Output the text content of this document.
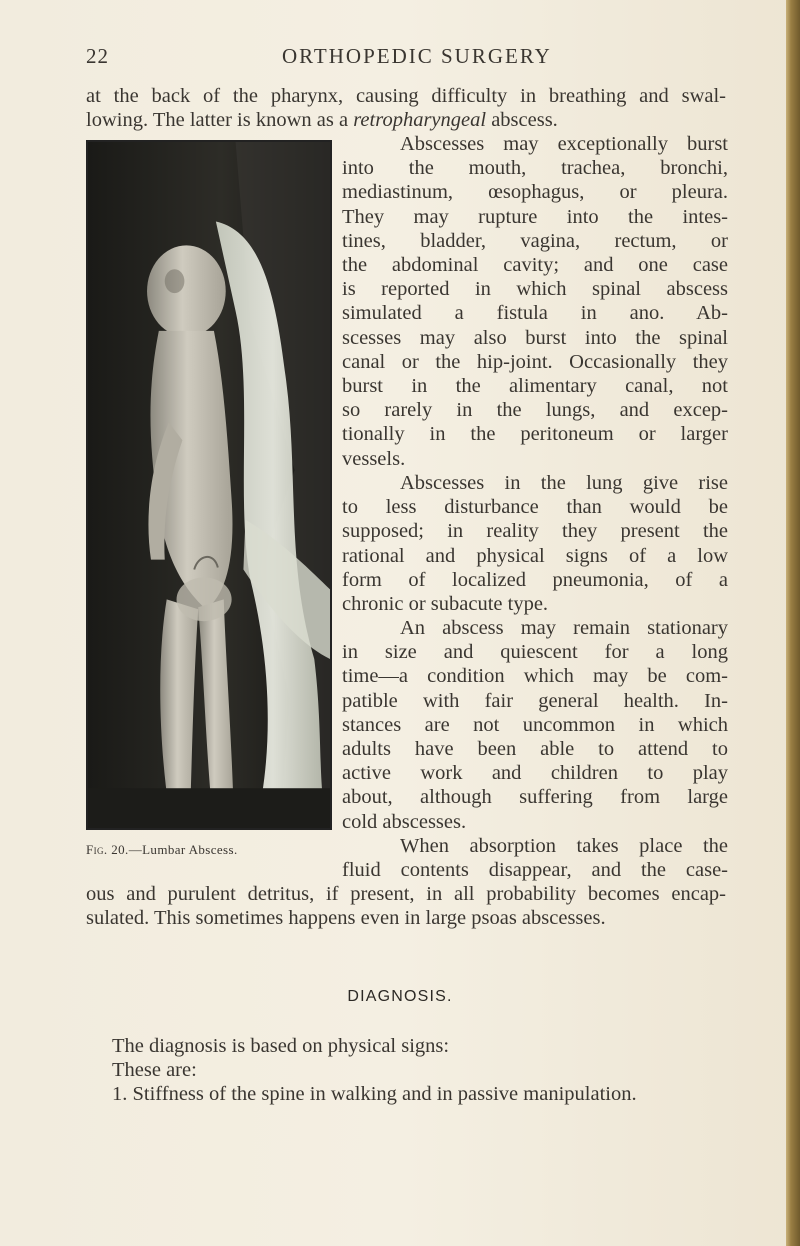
22	ORTHOPEDIC SURGERY
at the back of the pharynx, causing difficulty in breathing and swal-
lowing. The latter is known as a retropharyngeal abscess.
Fig. 20.—Lumbar Abscess.
Abscesses may exceptionally burst
into the mouth, trachea, bronchi,
mediastinum, œsophagus, or pleura.
They may rupture into the intes-
tines, bladder, vagina, rectum, or
the abdominal cavity; and one case
is reported in which spinal abscess
simulated a fistula in ano. Ab-
scesses may also burst into the spinal
canal or the hip-joint. Occasionally they
burst in the alimentary canal, not
so rarely in the lungs, and excep-
tionally in the peritoneum or larger
vessels.
Abscesses in the lung give rise
to less disturbance than would be
supposed; in reality they present the
rational and physical signs of a low
form of localized pneumonia, of a
chronic or subacute type.
An abscess may remain stationary
in size and quiescent for a long
time—a condition which may be com-
patible with fair general health. In-
stances are not uncommon in which
adults have been able to attend to
active work and children to play
about, although suffering from large
cold abscesses.
When absorption takes place the
fluid contents disappear, and the case-
ous and purulent detritus, if present, in all probability becomes encap-
sulated. This sometimes happens even in large psoas abscesses.
DIAGNOSIS.
The diagnosis is based on physical signs:
These are:
1. Stiffness of the spine in walking and in passive manipulation.
